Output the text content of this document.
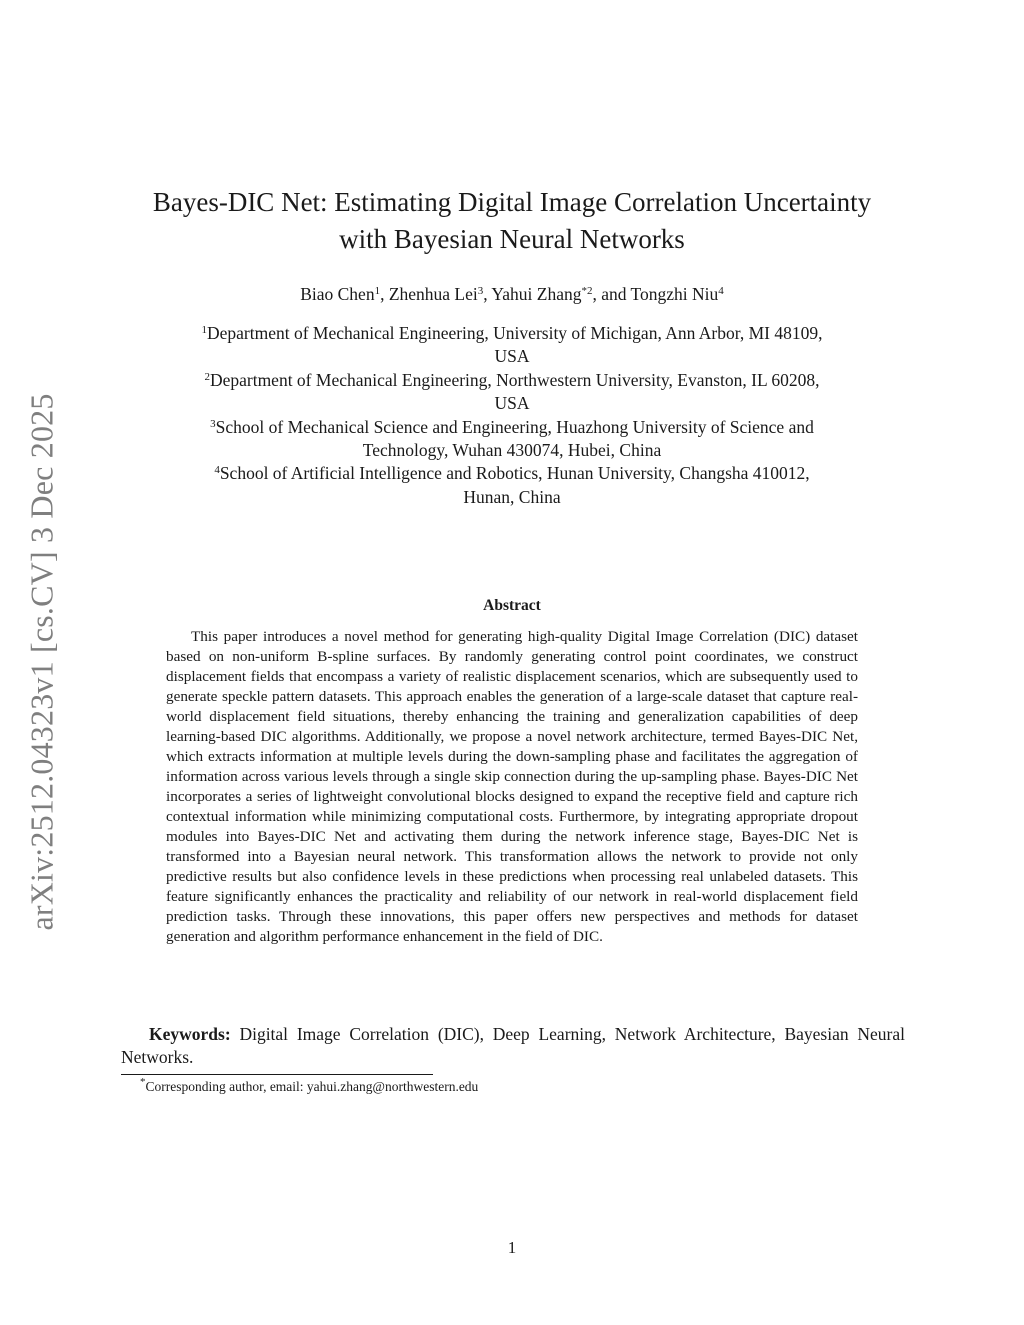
arXiv:2512.04323v1 [cs.CV] 3 Dec 2025
Bayes-DIC Net: Estimating Digital Image Correlation Uncertainty
with Bayesian Neural Networks
Biao Chen$^1$, Zhenhua Lei$^3$, Yahui Zhang$^{*2}$, and Tongzhi Niu$^4$

$^1$Department of Mechanical Engineering, University of Michigan, Ann Arbor, MI 48109,
USA

$^2$Department of Mechanical Engineering, Northwestern University, Evanston, IL 60208,
USA

$^3$School of Mechanical Science and Engineering, Huazhong University of Science and
Technology, Wuhan 430074, Hubei, China

$^4$School of Artificial Intelligence and Robotics, Hunan University, Changsha 410012,
Hunan, China

Abstract

This paper introduces a novel method for generating high-quality Digital Image Correlation (DIC) dataset based on non-uniform B-spline surfaces. By randomly generating control point coordinates, we construct displacement fields that encompass a variety of realistic displacement scenarios, which are subsequently used to generate speckle pattern datasets. This approach enables the generation of a large-scale dataset that capture real-world displacement field situations, thereby enhancing the training and generalization capabilities of deep learning-based DIC algorithms. Additionally, we propose a novel network architecture, termed Bayes-DIC Net, which extracts information at multiple levels during the down-sampling phase and facilitates the aggregation of information across various levels through a single skip connection during the up-sampling phase. Bayes-DIC Net incorporates a series of lightweight convolutional blocks designed to expand the receptive field and capture rich contextual information while minimizing computational costs. Furthermore, by integrating appropriate dropout modules into Bayes-DIC Net and activating them during the network inference stage, Bayes-DIC Net is transformed into a Bayesian neural network. This transformation allows the network to provide not only predictive results but also confidence levels in these predictions when processing real unlabeled datasets. This feature significantly enhances the practicality and reliability of our network in real-world displacement field prediction tasks. Through these innovations, this paper offers new perspectives and methods for dataset generation and algorithm performance enhancement in the field of DIC.

Keywords: Digital Image Correlation (DIC), Deep Learning, Network Architecture, Bayesian Neural Networks.

*Corresponding author, email: yahui.zhang@northwestern.edu
1
